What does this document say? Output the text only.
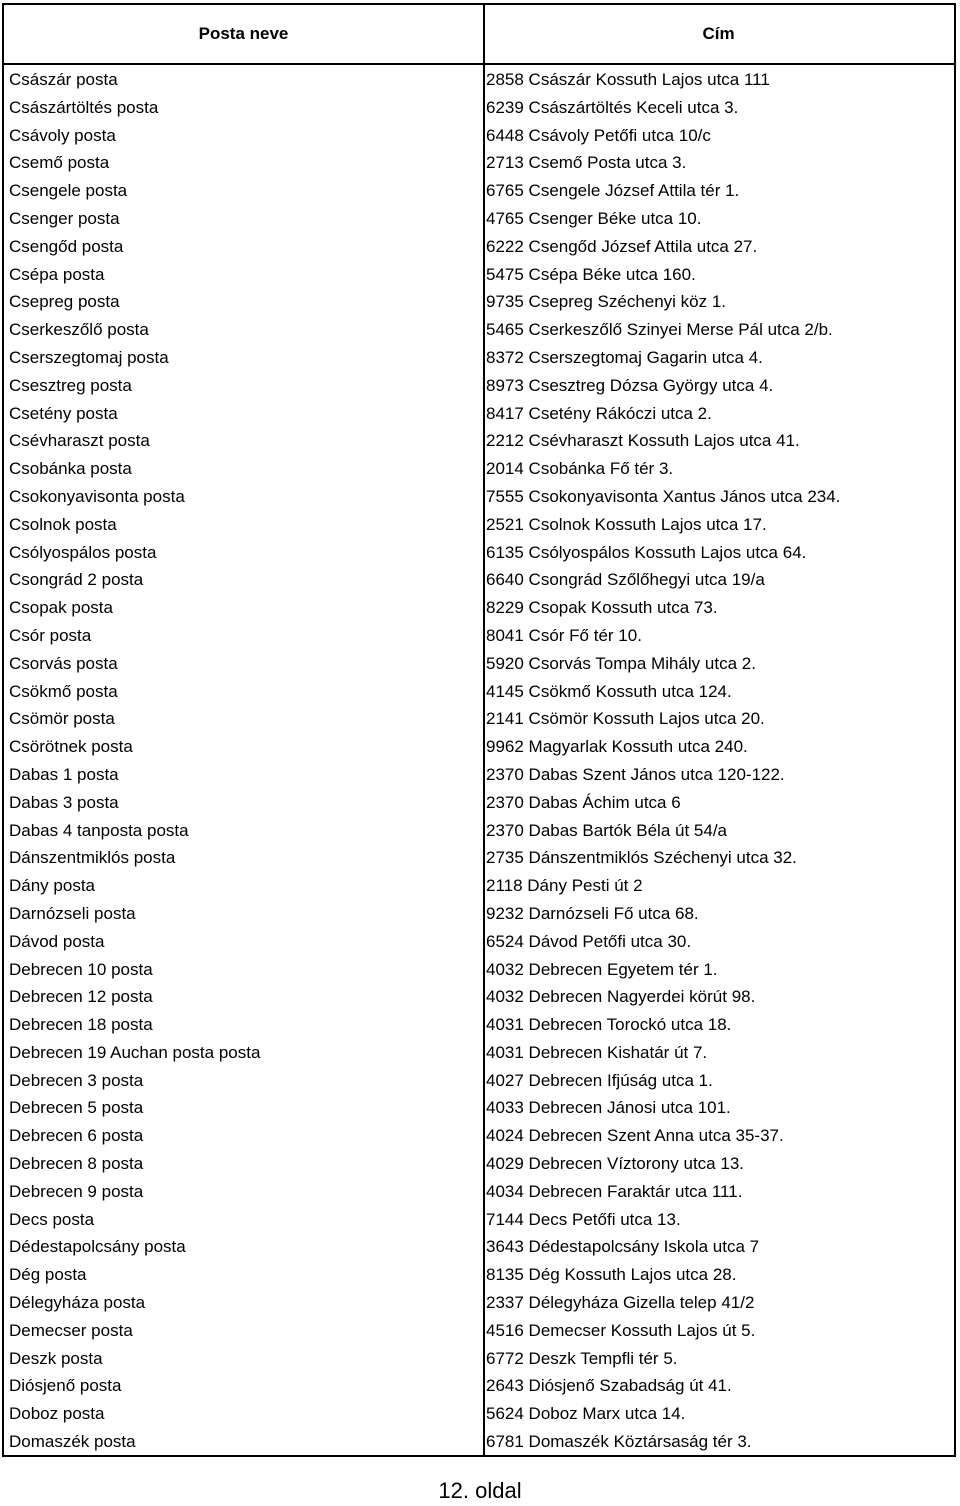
Posta neve	Cím
Császár posta	2858 Császár Kossuth Lajos utca 111
Császártöltés posta	6239 Császártöltés Keceli utca 3.
Csávoly posta	6448 Csávoly Petőfi utca 10/c
Csemő posta	2713 Csemő Posta utca 3.
Csengele posta	6765 Csengele József Attila tér 1.
Csenger posta	4765 Csenger Béke utca 10.
Csengőd posta	6222 Csengőd József Attila utca 27.
Csépa posta	5475 Csépa Béke utca 160.
Csepreg posta	9735 Csepreg Széchenyi köz 1.
Cserkeszőlő posta	5465 Cserkeszőlő Szinyei Merse Pál utca 2/b.
Cserszegtomaj posta	8372 Cserszegtomaj Gagarin utca 4.
Csesztreg posta	8973 Csesztreg Dózsa György utca 4.
Csetény posta	8417 Csetény Rákóczi utca 2.
Csévharaszt posta	2212 Csévharaszt Kossuth Lajos utca 41.
Csobánka posta	2014 Csobánka Fő tér 3.
Csokonyavisonta posta	7555 Csokonyavisonta Xantus János utca 234.
Csolnok posta	2521 Csolnok Kossuth Lajos utca 17.
Csólyospálos posta	6135 Csólyospálos Kossuth Lajos utca 64.
Csongrád 2 posta	6640 Csongrád Szőlőhegyi utca 19/a
Csopak posta	8229 Csopak Kossuth utca 73.
Csór posta	8041 Csór Fő tér 10.
Csorvás posta	5920 Csorvás Tompa Mihály utca 2.
Csökmő posta	4145 Csökmő Kossuth utca 124.
Csömör posta	2141 Csömör Kossuth Lajos utca 20.
Csörötnek posta	9962 Magyarlak Kossuth utca 240.
Dabas 1 posta	2370 Dabas Szent János utca 120-122.
Dabas 3 posta	2370 Dabas Áchim utca 6
Dabas 4 tanposta posta	2370 Dabas Bartók Béla út 54/a
Dánszentmiklós posta	2735 Dánszentmiklós Széchenyi utca 32.
Dány posta	2118 Dány Pesti út 2
Darnózseli posta	9232 Darnózseli Fő utca 68.
Dávod posta	6524 Dávod Petőfi utca 30.
Debrecen 10 posta	4032 Debrecen Egyetem tér 1.
Debrecen 12 posta	4032 Debrecen Nagyerdei körút 98.
Debrecen 18 posta	4031 Debrecen Torockó utca 18.
Debrecen 19 Auchan posta posta	4031 Debrecen Kishatár út 7.
Debrecen 3 posta	4027 Debrecen Ifjúság utca 1.
Debrecen 5 posta	4033 Debrecen Jánosi utca 101.
Debrecen 6 posta	4024 Debrecen Szent Anna utca 35-37.
Debrecen 8 posta	4029 Debrecen Víztorony utca 13.
Debrecen 9 posta	4034 Debrecen Faraktár utca 111.
Decs posta	7144 Decs Petőfi utca 13.
Dédestapolcsány posta	3643 Dédestapolcsány Iskola utca 7
Dég posta	8135 Dég Kossuth Lajos utca 28.
Délegyháza posta	2337 Délegyháza Gizella telep 41/2
Demecser posta	4516 Demecser Kossuth Lajos út 5.
Deszk posta	6772 Deszk Tempfli tér 5.
Diósjenő posta	2643 Diósjenő Szabadság út 41.
Doboz posta	5624 Doboz Marx utca 14.
Domaszék posta	6781 Domaszék Köztársaság tér 3.
12. oldal
